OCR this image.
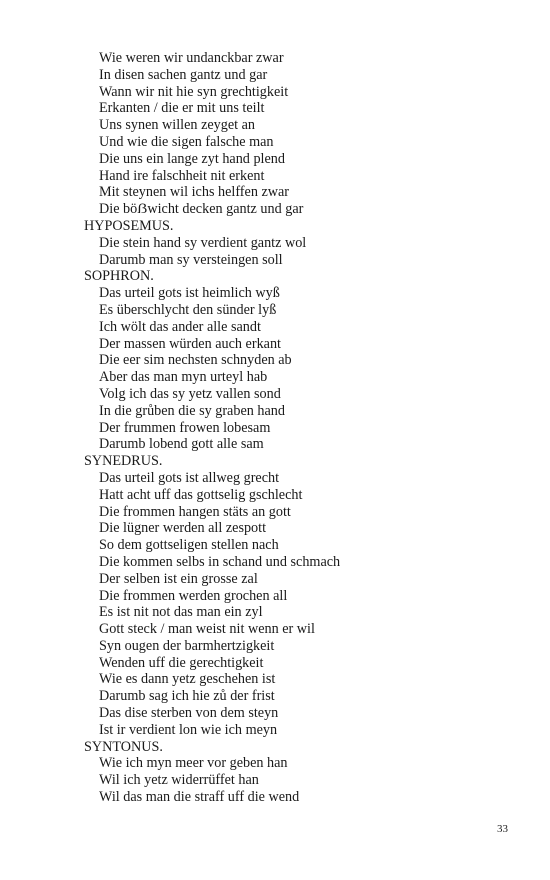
Wie weren wir undanckbar zwar
In disen sachen gantz und gar
Wann wir nit hie syn grechtigkeit
Erkanten / die er mit uns teilt
Uns synen willen zeyget an
Und wie die sigen falsche man
Die uns ein lange zyt hand plend
Hand ire falschheit nit erkent
Mit steynen wil ichs helffen zwar
Die böẞwicht decken gantz und gar
HYPOSEMUS.
Die stein hand sy verdient gantz wol
Darumb man sy versteingen soll
SOPHRON.
Das urteil gots ist heimlich wyß
Es überschlycht den sünder lyß
Ich wölt das ander alle sandt
Der massen würden auch erkant
Die eer sim nechsten schnyden ab
Aber das man myn urteyl hab
Volg ich das sy yetz vallen sond
In die grůben die sy graben hand
Der frummen frowen lobesam
Darumb lobend gott alle sam
SYNEDRUS.
Das urteil gots ist allweg grecht
Hatt acht uff das gottselig gschlecht
Die frommen hangen stäts an gott
Die lügner werden all zespott
So dem gottseligen stellen nach
Die kommen selbs in schand und schmach
Der selben ist ein grosse zal
Die frommen werden grochen all
Es ist nit not das man ein zyl
Gott steck / man weist nit wenn er wil
Syn ougen der barmhertzigkeit
Wenden uff die gerechtigkeit
Wie es dann yetz geschehen ist
Darumb sag ich hie zů der frist
Das dise sterben von dem steyn
Ist ir verdient lon wie ich meyn
SYNTONUS.
Wie ich myn meer vor geben han
Wil ich yetz widerrüffet han
Wil das man die straff uff die wend
33
